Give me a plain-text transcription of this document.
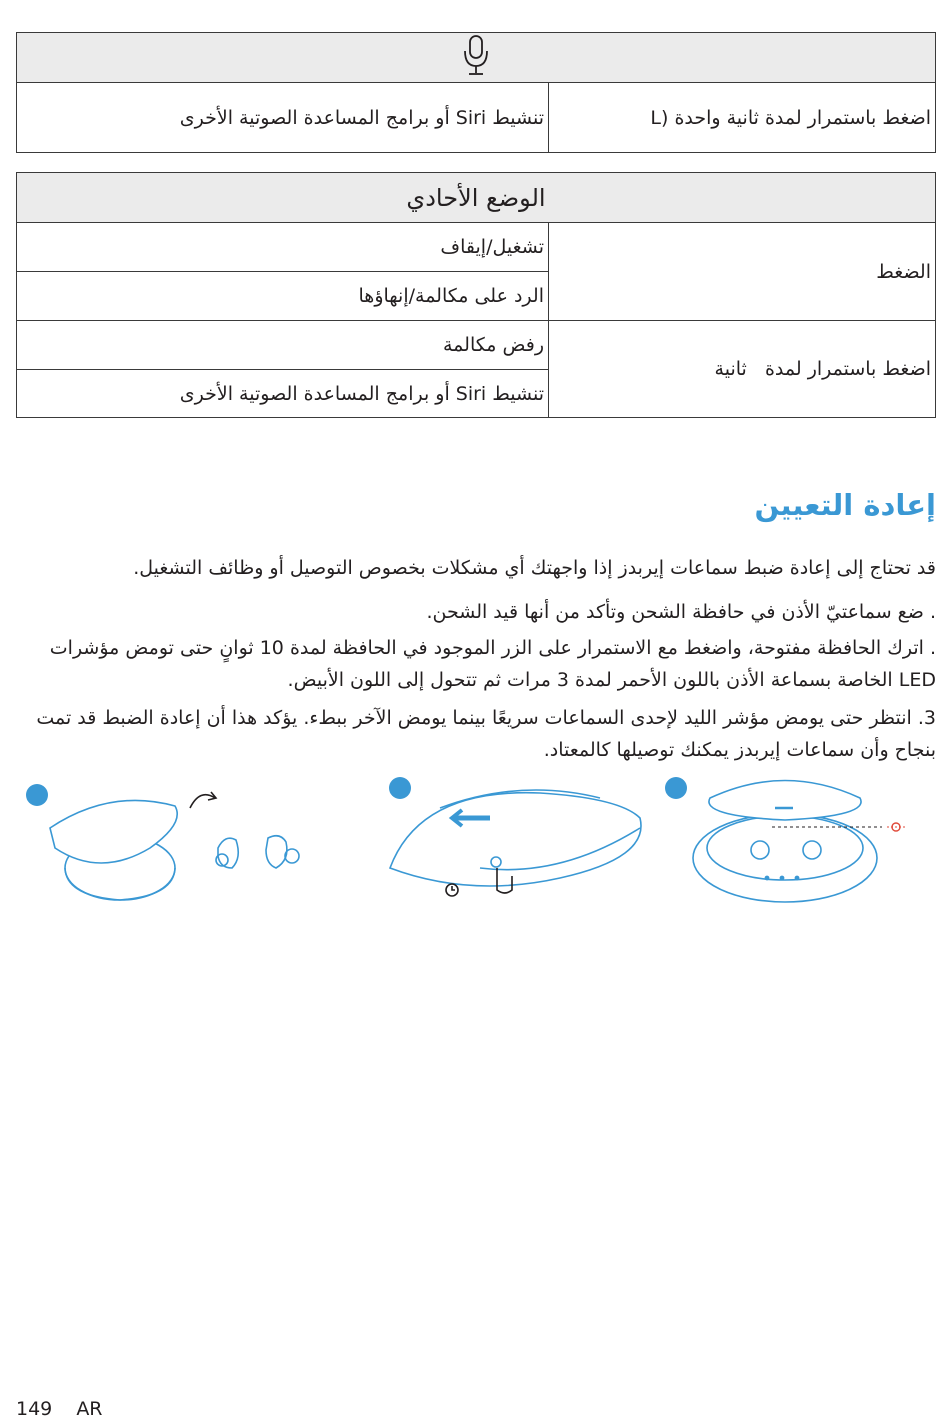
اضغط باستمرار لمدة ثانية واحدة (L	تنشيط Siri أو برامج المساعدة الصوتية الأخرى
الوضع الأحادي	
الضغط	تشغيل/إيقاف
	الرد على مكالمة/إنهاؤها
اضغط باستمرار لمدة   ثانية	رفض مكالمة
	تنشيط Siri أو برامج المساعدة الصوتية الأخرى
إعادة التعيين
قد تحتاج إلى إعادة ضبط سماعات إيربدز إذا واجهتك أي مشكلات بخصوص التوصيل أو وظائف التشغيل.
. ضع سماعتيّ الأذن في حافظة الشحن وتأكد من أنها قيد الشحن.
. اترك الحافظة مفتوحة، واضغط مع الاستمرار على الزر الموجود في الحافظة لمدة 10 ثوانٍ حتى تومض مؤشرات LED الخاصة بسماعة الأذن باللون الأحمر لمدة 3 مرات ثم تتحول إلى اللون الأبيض.
3. انتظر حتى يومض مؤشر الليد لإحدى السماعات سريعًا بينما يومض الآخر ببطء. يؤكد هذا أن إعادة الضبط قد تمت بنجاح وأن سماعات إيربدز يمكنك توصيلها كالمعتاد.
149 AR
